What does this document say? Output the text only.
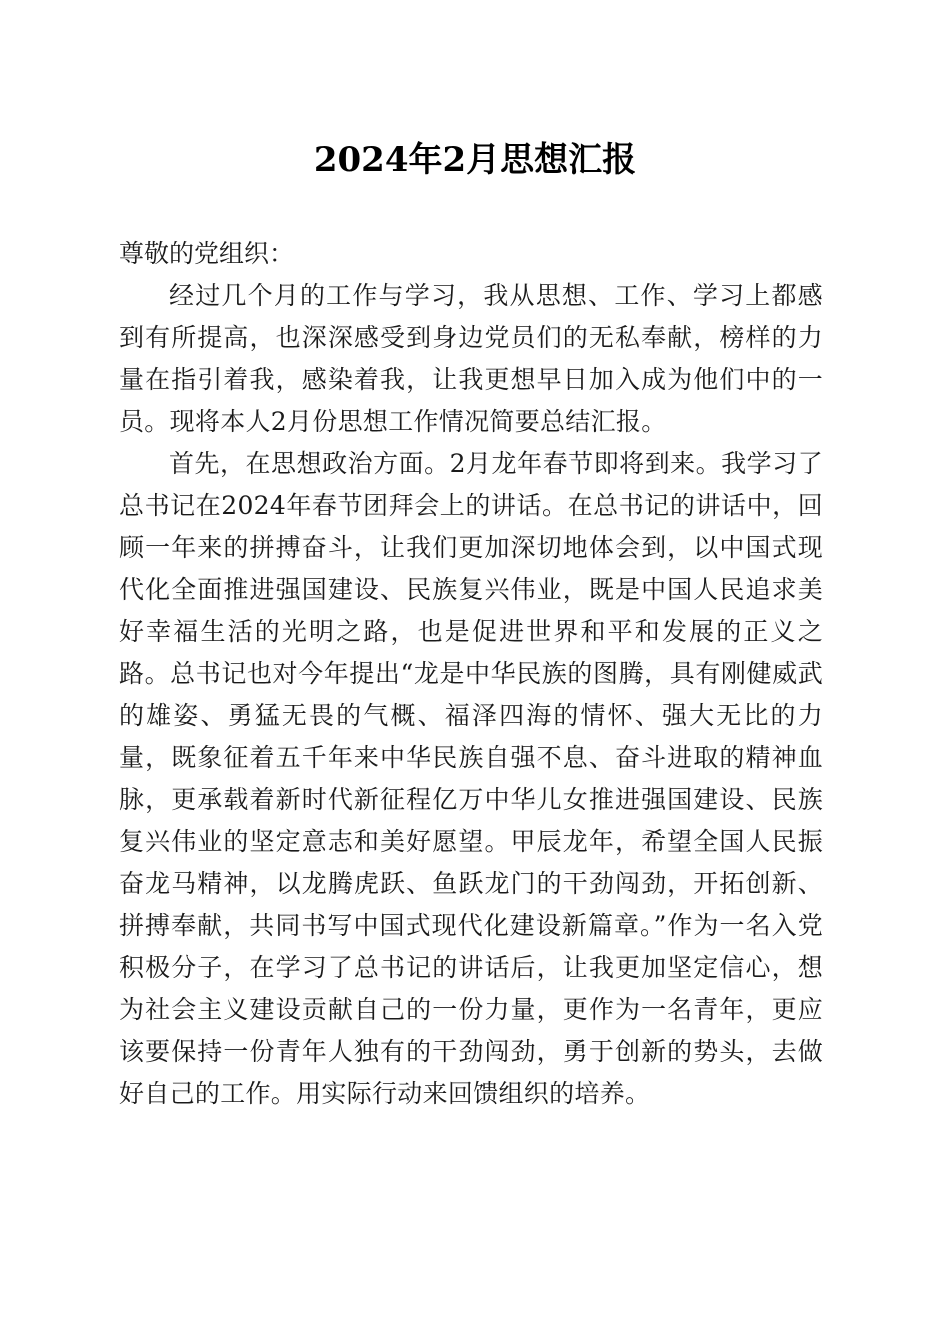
2024年2月思想汇报

尊敬的党组织：

经过几个月的工作与学习，我从思想、工作、学习上都感到有所提高，也深深感受到身边党员们的无私奉献，榜样的力量在指引着我，感染着我，让我更想早日加入成为他们中的一员。现将本人2月份思想工作情况简要总结汇报。

首先，在思想政治方面。2月龙年春节即将到来。我学习了总书记在2024年春节团拜会上的讲话。在总书记的讲话中，回顾一年来的拼搏奋斗，让我们更加深切地体会到，以中国式现代化全面推进强国建设、民族复兴伟业，既是中国人民追求美好幸福生活的光明之路，也是促进世界和平和发展的正义之路。总书记也对今年提出“龙是中华民族的图腾，具有刚健威武的雄姿、勇猛无畏的气概、福泽四海的情怀、强大无比的力量，既象征着五千年来中华民族自强不息、奋斗进取的精神血脉，更承载着新时代新征程亿万中华儿女推进强国建设、民族复兴伟业的坚定意志和美好愿望。甲辰龙年，希望全国人民振奋龙马精神，以龙腾虎跃、鱼跃龙门的干劲闯劲，开拓创新、拼搏奉献，共同书写中国式现代化建设新篇章。”作为一名入党积极分子，在学习了总书记的讲话后，让我更加坚定信心，想为社会主义建设贡献自己的一份力量，更作为一名青年，更应该要保持一份青年人独有的干劲闯劲，勇于创新的势头，去做好自己的工作。用实际行动来回馈组织的培养。
